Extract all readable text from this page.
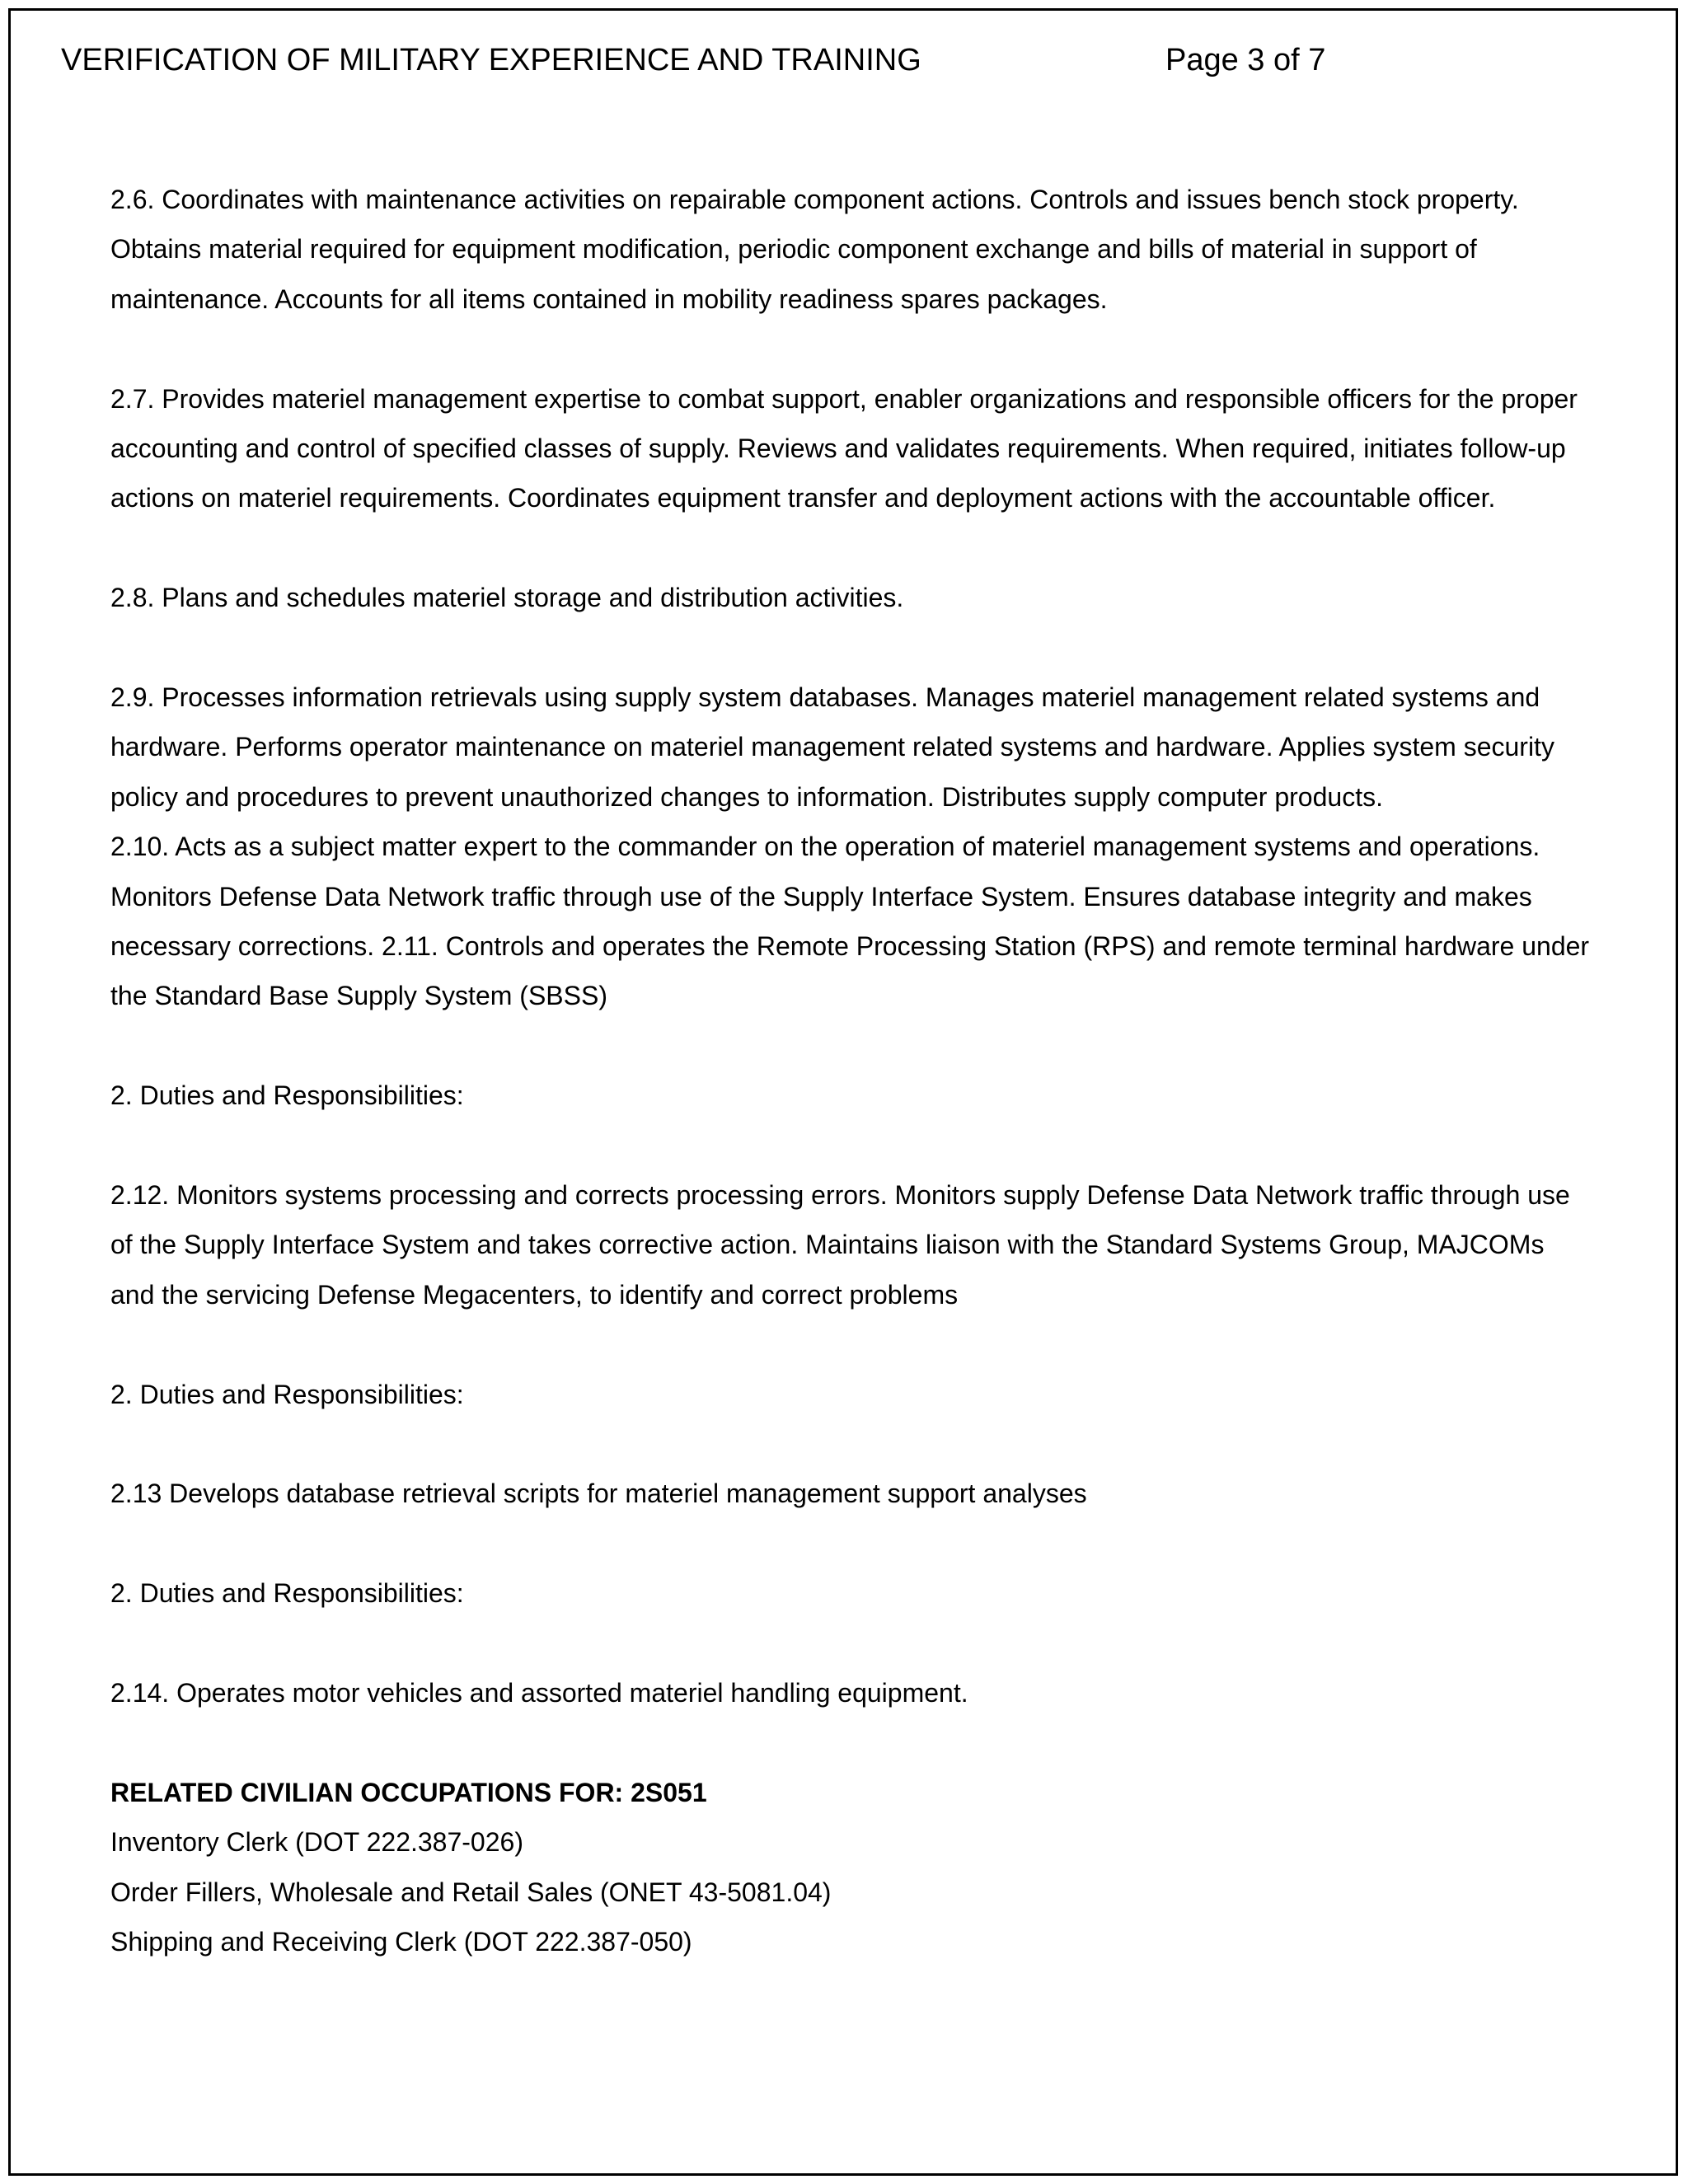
VERIFICATION OF MILITARY EXPERIENCE AND TRAINING	Page 3 of 7

2.6. Coordinates with maintenance activities on repairable component actions. Controls and issues bench stock property. Obtains material required for equipment modification, periodic component exchange and bills of material in support of maintenance. Accounts for all items contained in mobility readiness spares packages.

2.7. Provides materiel management expertise to combat support, enabler organizations and responsible officers for the proper accounting and control of specified classes of supply. Reviews and validates requirements. When required, initiates follow-up actions on materiel requirements. Coordinates equipment transfer and deployment actions with the accountable officer.

2.8. Plans and schedules materiel storage and distribution activities.

2.9. Processes information retrievals using supply system databases. Manages materiel management related systems and hardware. Performs operator maintenance on materiel management related systems and hardware. Applies system security policy and procedures to prevent unauthorized changes to information. Distributes supply computer products.

2.10. Acts as a subject matter expert to the commander on the operation of materiel management systems and operations. Monitors Defense Data Network traffic through use of the Supply Interface System. Ensures database integrity and makes necessary corrections. 2.11. Controls and operates the Remote Processing Station (RPS) and remote terminal hardware under the Standard Base Supply System (SBSS)

2. Duties and Responsibilities:

2.12. Monitors systems processing and corrects processing errors. Monitors supply Defense Data Network traffic through use of the Supply Interface System and takes corrective action. Maintains liaison with the Standard Systems Group, MAJCOMs and the servicing Defense Megacenters, to identify and correct problems

2. Duties and Responsibilities:

2.13 Develops database retrieval scripts for materiel management support analyses

2. Duties and Responsibilities:

2.14. Operates motor vehicles and assorted materiel handling equipment.

RELATED CIVILIAN OCCUPATIONS FOR: 2S051

Inventory Clerk (DOT 222.387-026)

Order Fillers, Wholesale and Retail Sales (ONET 43-5081.04)

Shipping and Receiving Clerk (DOT 222.387-050)
